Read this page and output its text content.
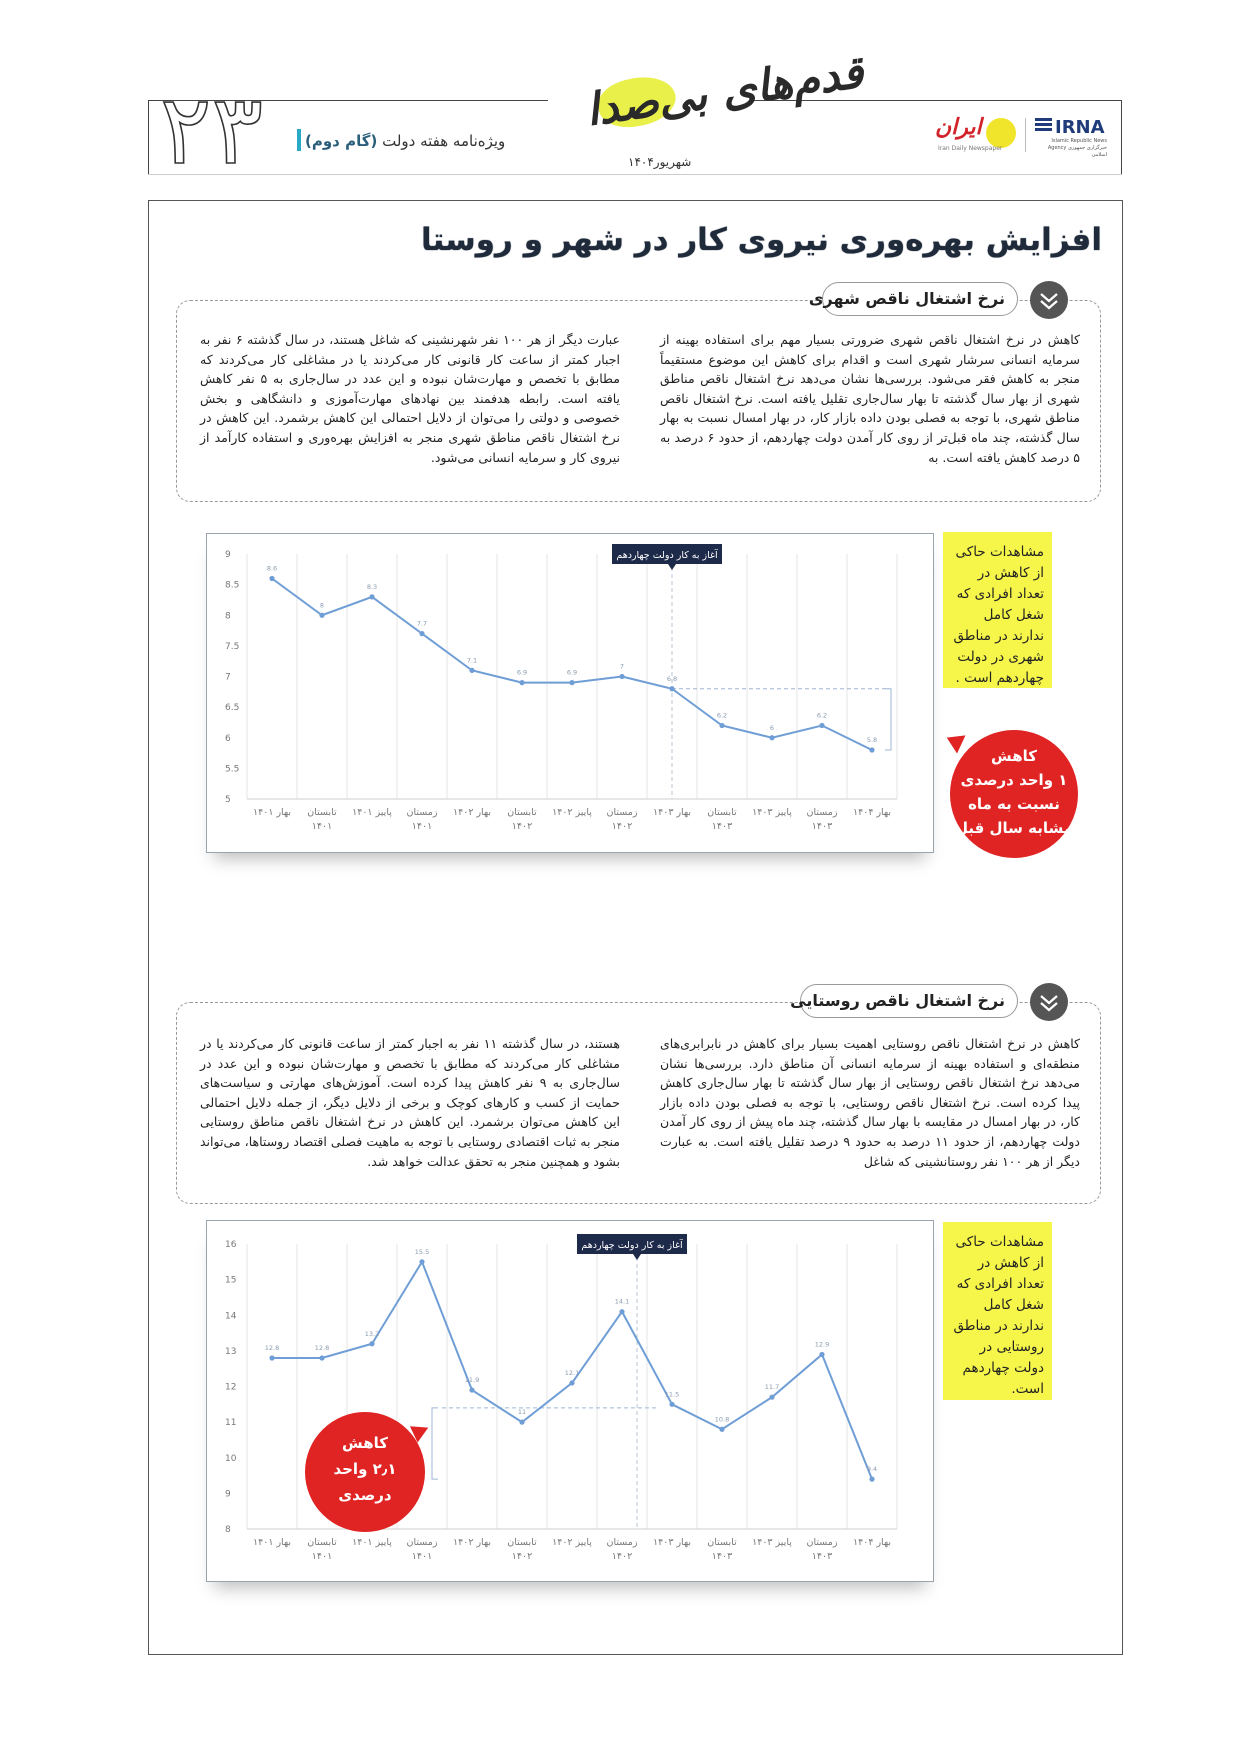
۲۳	قدم‌های بی‌صدا
ویژه‌نامه هفته دولت (گام دوم)
شهریور۱۴۰۴
ایران
Iran Daily Newspaper
IRNA
Islamic Republic News Agency خبرگزاری جمهوری اسلامی
افزایش بهره‌وری نیروی کار در شهر و روستا
نرخ اشتغال ناقص شهری
کاهش در نرخ اشتغال ناقص شهری ضرورتی بسیار مهم برای استفاده بهینه از سرمایه انسانی سرشار شهری است و اقدام برای کاهش این موضوع مستقیماً منجر به کاهش فقر می‌شود. بررسی‌ها نشان می‌دهد نرخ اشتغال ناقص مناطق شهری از بهار سال گذشته تا بهار سال‌جاری تقلیل یافته است. نرخ اشتغال ناقص مناطق شهری، با توجه به فصلی بودن داده بازار کار، در بهار امسال نسبت به بهار سال گذشته، چند ماه قبل‌تر از روی کار آمدن دولت چهاردهم، از حدود ۶ درصد به ۵ درصد کاهش یافته است. به
عبارت دیگر از هر ۱۰۰ نفر شهرنشینی که شاغل هستند، در سال گذشته ۶ نفر به اجبار کمتر از ساعت کار قانونی کار می‌کردند یا در مشاغلی کار می‌کردند که مطابق با تخصص و مهارت‌شان نبوده و این عدد در سال‌جاری به ۵ نفر کاهش یافته است. رابطه هدفمند بین نهادهای مهارت‌آموزی و دانشگاهی و بخش خصوصی و دولتی را می‌توان از دلایل احتمالی این کاهش برشمرد. این کاهش در نرخ اشتغال ناقص مناطق شهری منجر به افزایش بهره‌وری و استفاده کارآمد از نیروی کار و سرمایه انسانی می‌شود.
9
8.5
8
7.5
7
6.5
6
5.5
5
بهار ۱۴۰۱ تابستان
۱۴۰۱
پاییز ۱۴۰۱ زمستان
۱۴۰۱
بهار ۱۴۰۲ تابستان
۱۴۰۲
پاییز ۱۴۰۲ زمستان
۱۴۰۲
بهار ۱۴۰۳ تابستان
۱۴۰۳
پاییز ۱۴۰۳ زمستان
۱۴۰۳
بهار ۱۴۰۴
آغاز به کار دولت چهاردهم
8.6
8
8.3
7.7
7.1
6.9	6.9
7
6.8
6.2
6
6.2
5.8
مشاهدات حاکی از کاهش در تعداد افرادی که شغل کامل ندارند در مناطق شهری در دولت چهاردهم است .
کاهش
۱ واحد درصدی
نسبت به ماه
مشابه سال قبل
نرخ اشتغال ناقص روستایی
کاهش در نرخ اشتغال ناقص روستایی اهمیت بسیار برای کاهش در نابرابری‌های منطقه‌ای و استفاده بهینه از سرمایه انسانی آن مناطق دارد. بررسی‌ها نشان می‌دهد نرخ اشتغال ناقص روستایی از بهار سال گذشته تا بهار سال‌جاری کاهش پیدا کرده است. نرخ اشتغال ناقص روستایی، با توجه به فصلی بودن داده بازار کار، در بهار امسال در مقایسه با بهار سال گذشته، چند ماه پیش از روی کار آمدن دولت چهاردهم، از حدود ۱۱ درصد به حدود ۹ درصد تقلیل یافته است. به عبارت دیگر از هر ۱۰۰ نفر روستانشینی که شاغل
هستند، در سال گذشته ۱۱ نفر به اجبار کمتر از ساعت قانونی کار می‌کردند یا در مشاغلی کار می‌کردند که مطابق با تخصص و مهارت‌شان نبوده و این عدد در سال‌جاری به ۹ نفر کاهش پیدا کرده است. آموزش‌های مهارتی و سیاست‌های حمایت از کسب و کارهای کوچک و برخی از دلایل دیگر، از جمله دلایل احتمالی این کاهش می‌توان برشمرد. این کاهش در نرخ اشتغال ناقص مناطق روستایی منجر به ثبات اقتصادی روستایی با توجه به ماهیت فصلی اقتصاد روستاها، می‌تواند بشود و همچنین منجر به تحقق عدالت خواهد شد.
16
15
14
13
12
11
10
9
8
بهار ۱۴۰۱ تابستان
۱۴۰۱
پاییز ۱۴۰۱ زمستان
۱۴۰۱
بهار ۱۴۰۲ تابستان
۱۴۰۲
پاییز ۱۴۰۲ زمستان
۱۴۰۲
بهار ۱۴۰۳ تابستان
۱۴۰۳
پاییز ۱۴۰۳ زمستان
۱۴۰۳
بهار ۱۴۰۴
آغاز به کار دولت چهاردهم
12.8	12.8
13.2
15.5
11.9
11
12.1
14.1
11.5
10.8
11.7
12.9
9.4
مشاهدات حاکی از کاهش در تعداد افرادی که شغل کامل ندارند در مناطق روستایی در دولت چهاردهم است.
کاهش
۲٫۱ واحد
درصدی
